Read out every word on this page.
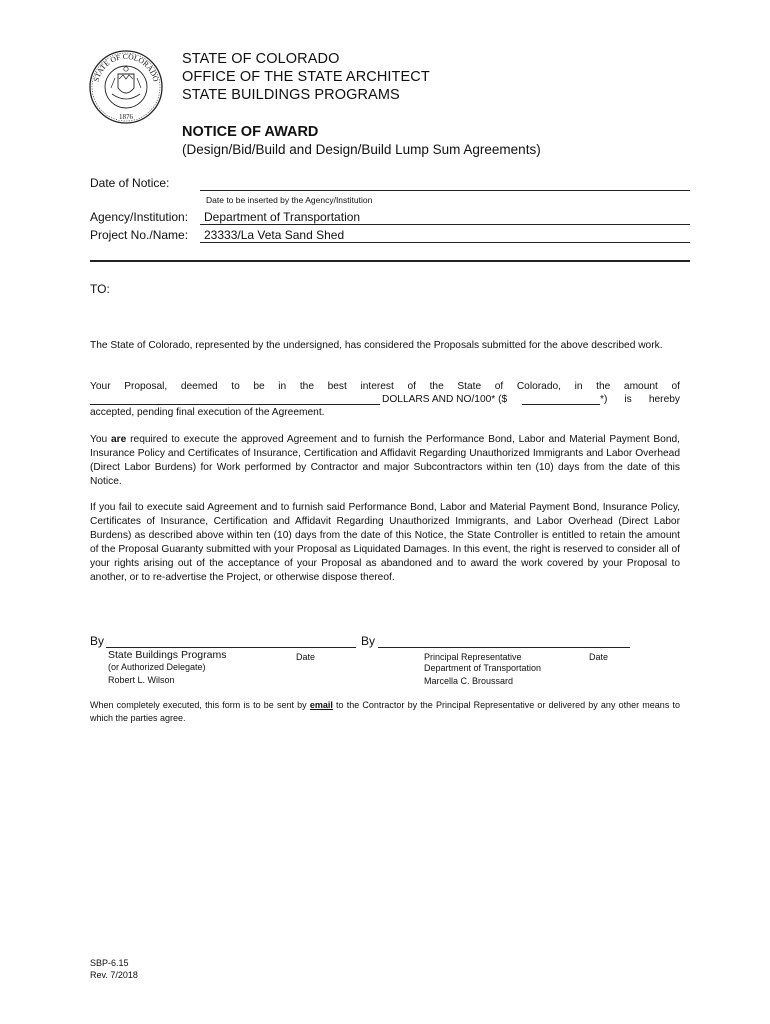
STATE OF COLORADO
1876
STATE OF COLORADO
OFFICE OF THE STATE ARCHITECT
STATE BUILDINGS PROGRAMS
NOTICE OF AWARD
(Design/Bid/Build and Design/Build Lump Sum Agreements)
Date of Notice:
Date to be inserted by the Agency/Institution
Agency/Institution: Department of Transportation
Project No./Name: 23333/La Veta Sand Shed
TO:
The State of Colorado, represented by the undersigned, has considered the Proposals submitted for the above described work.
Your Proposal, deemed to be in the best interest of the State of Colorado, in the amount of
DOLLARS AND NO/100* ($	*) is hereby
accepted, pending final execution of the Agreement.
You are required to execute the approved Agreement and to furnish the Performance Bond, Labor and Material Payment Bond, Insurance Policy and Certificates of Insurance, Certification and Affidavit Regarding Unauthorized Immigrants and Labor Overhead (Direct Labor Burdens) for Work performed by Contractor and major Subcontractors within ten (10) days from the date of this Notice.
If you fail to execute said Agreement and to furnish said Performance Bond, Labor and Material Payment Bond, Insurance Policy, Certificates of Insurance, Certification and Affidavit Regarding Unauthorized Immigrants, and Labor Overhead (Direct Labor Burdens) as described above within ten (10) days from the date of this Notice, the State Controller is entitled to retain the amount of the Proposal Guaranty submitted with your Proposal as Liquidated Damages. In this event, the right is reserved to consider all of your rights arising out of the acceptance of your Proposal as abandoned and to award the work covered by your Proposal to another, or to re-advertise the Project, or otherwise dispose thereof.
By	By
State Buildings Programs
(or Authorized Delegate)
Robert L. Wilson
Date	Principal Representative
Department of Transportation
Marcella C. Broussard
Date
When completely executed, this form is to be sent by email to the Contractor by the Principal Representative or delivered by any other means to which the parties agree.
SBP-6.15
Rev. 7/2018
